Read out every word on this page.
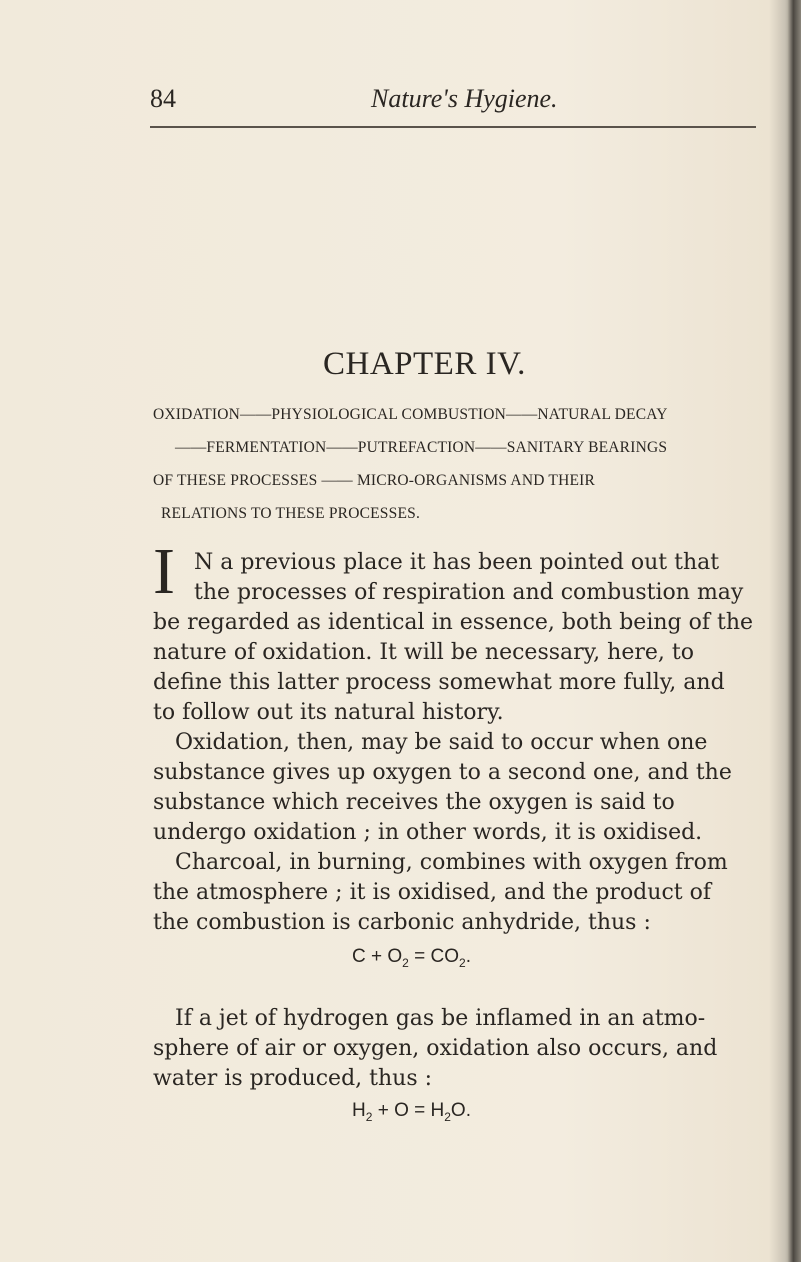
84	Nature's Hygiene.
CHAPTER IV.
OXIDATION——PHYSIOLOGICAL COMBUSTION——NATURAL DECAY
——FERMENTATION——PUTREFACTION——SANITARY BEARINGS
OF THESE PROCESSES —— MICRO-ORGANISMS AND THEIR
RELATIONS TO THESE PROCESSES.
I N a previous place it has been pointed out that
the processes of respiration and combustion may
be regarded as identical in essence, both being of the
nature of oxidation. It will be necessary, here, to
define this latter process somewhat more fully, and
to follow out its natural history.
Oxidation, then, may be said to occur when one
substance gives up oxygen to a second one, and the
substance which receives the oxygen is said to
undergo oxidation ; in other words, it is oxidised.
Charcoal, in burning, combines with oxygen from
the atmosphere ; it is oxidised, and the product of
the combustion is carbonic anhydride, thus :
$C + O_2 = CO_2$.
If a jet of hydrogen gas be inflamed in an atmo-
sphere of air or oxygen, oxidation also occurs, and
water is produced, thus :
$H_2 + O = H_2O$.
